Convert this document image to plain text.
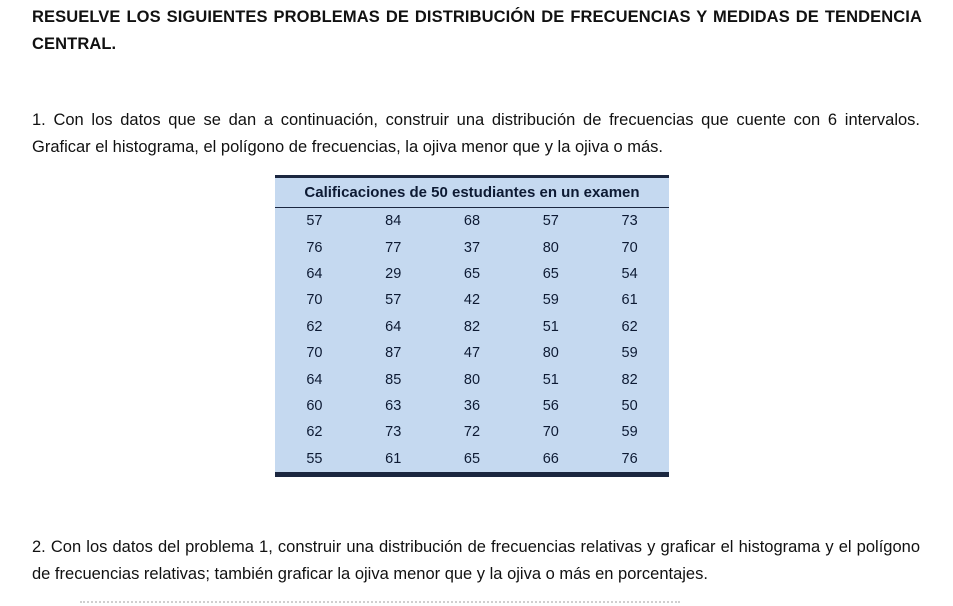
RESUELVE LOS SIGUIENTES PROBLEMAS DE DISTRIBUCIÓN DE FRECUENCIAS Y MEDIDAS DE TENDENCIA CENTRAL.
1. Con los datos que se dan a continuación, construir una distribución de frecuencias que cuente con 6 intervalos. Graficar el histograma, el polígono de frecuencias, la ojiva menor que y la ojiva o más.
Calificaciones de 50 estudiantes en un examen
57	84	68	57	73
76	77	37	80	70
64	29	65	65	54
70	57	42	59	61
62	64	82	51	62
70	87	47	80	59
64	85	80	51	82
60	63	36	56	50
62	73	72	70	59
55	61	65	66	76
2. Con los datos del problema 1, construir una distribución de frecuencias relativas y graficar el histograma y el polígono de frecuencias relativas; también graficar la ojiva menor que y la ojiva o más en porcentajes.
